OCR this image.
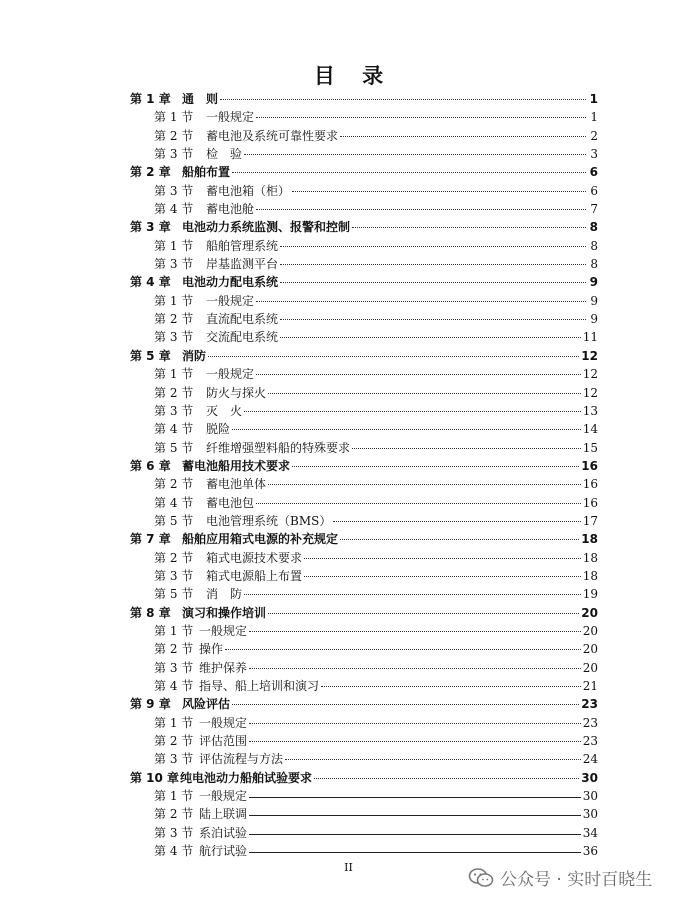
目 录
第 1 章 通　则	1
第 1 节	一般规定	1
第 2 节	蓄电池及系统可靠性要求	2
第 3 节	检　验	3
第 2 章 船舶布置	6
第 3 节	蓄电池箱（柜）	6
第 4 节	蓄电池舱	7
第 3 章 电池动力系统监测、报警和控制	8
第 1 节	船舶管理系统	8
第 3 节	岸基监测平台	8
第 4 章 电池动力配电系统	9
第 1 节	一般规定	9
第 2 节	直流配电系统	9
第 3 节	交流配电系统	11
第 5 章 消防	12
第 1 节	一般规定	12
第 2 节	防火与探火	12
第 3 节	灭　火	13
第 4 节	脱险	14
第 5 节	纤维增强塑料船的特殊要求	15
第 6 章 蓄电池船用技术要求	16
第 2 节	蓄电池单体	16
第 4 节	蓄电池包	16
第 5 节	电池管理系统（BMS）	17
第 7 章 船舶应用箱式电源的补充规定	18
第 2 节	箱式电源技术要求	18
第 3 节	箱式电源船上布置	18
第 5 节	消　防	19
第 8 章 演习和操作培训	20
第 1 节 一般规定	20
第 2 节 操作	20
第 3 节 维护保养	20
第 4 节 指导、船上培训和演习	21
第 9 章 风险评估	23
第 1 节 一般规定	23
第 2 节 评估范围	23
第 3 节 评估流程与方法	24
第 10 章 纯电池动力船舶试验要求	30
第 1 节 一般规定	30
第 2 节 陆上联调	30
第 3 节 系泊试验	34
第 4 节 航行试验	36
II
公众号 · 实时百晓生
